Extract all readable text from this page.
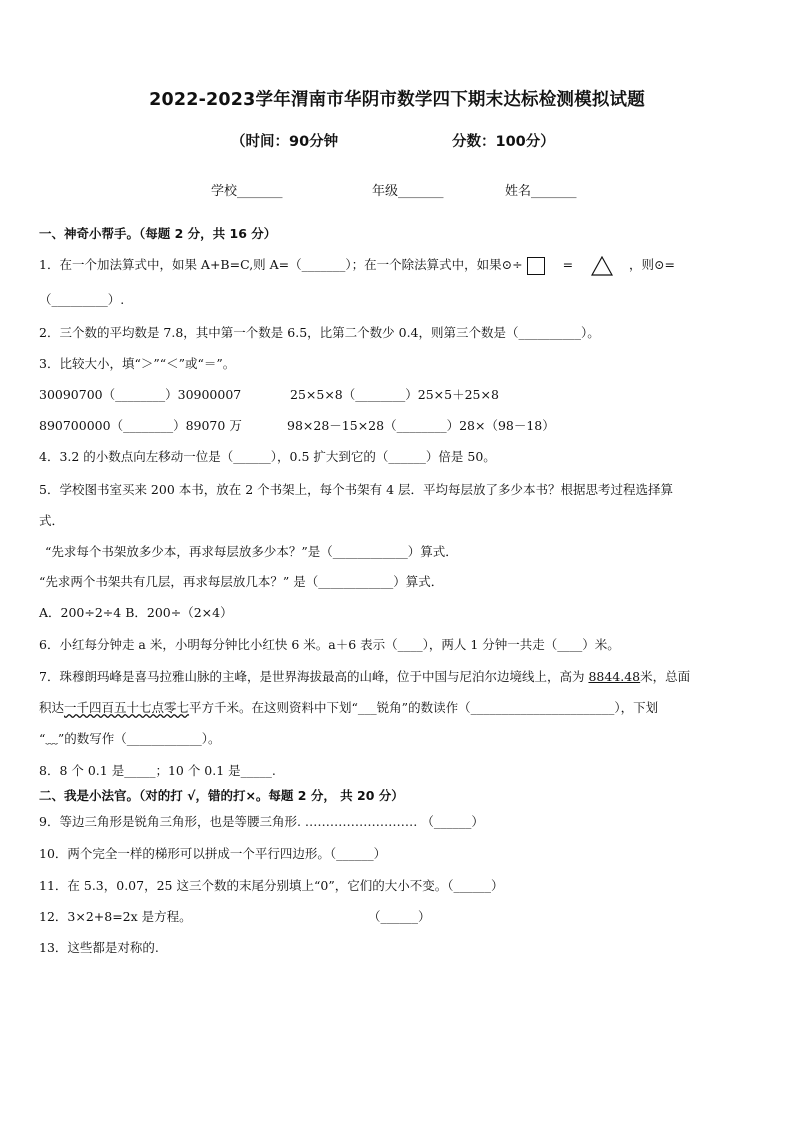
2022-2023学年渭南市华阴市数学四下期末达标检测模拟试题
（时间：90分钟	分数：100分）
学校_______	年级_______	姓名_______
一、神奇小帮手。（每题 2 分，共 16 分）
1．在一个加法算式中，如果 A+B=C,则 A=（_______）；在一个除法算式中，如果⊙÷	=	，则⊙=
（_________）.
2．三个数的平均数是 7.8，其中第一个数是 6.5，比第二个数少 0.4，则第三个数是（__________）。
3．比较大小，填“＞”“＜”或“＝”。
30090700（________）30900007	25×5×8（________）25×5＋25×8
890700000（________）89070 万	98×28－15×28（________）28×（98－18）
4．3.2 的小数点向左移动一位是（______），0.5 扩大到它的（______）倍是 50。
5．学校图书室买来 200 本书，放在 2 个书架上，每个书架有 4 层．平均每层放了多少本书？根据思考过程选择算
式．
“先求每个书架放多少本，再求每层放多少本？”是（____________）算式．
“先求两个书架共有几层，再求每层放几本？” 是（____________）算式．
A．200÷2÷4 B．200÷（2×4）
6．小红每分钟走 a 米，小明每分钟比小红快 6 米。a＋6 表示（____），两人 1 分钟一共走（____）米。
7．珠穆朗玛峰是喜马拉雅山脉的主峰，是世界海拔最高的山峰，位于中国与尼泊尔边境线上，高为 8844.48米，总面
积达一千四百五十七点零七平方千米。在这则资料中下划“___锐角”的数读作（_______________________），下划
“﹏”的数写作（____________）。
8．8 个 0.1 是_____；10 个 0.1 是_____.
二、我是小法官。（对的打 √，错的打×。每题 2 分， 共 20 分）
9．等边三角形是锐角三角形，也是等腰三角形. ……………………… （______）
10．两个完全一样的梯形可以拼成一个平行四边形。（______）
11．在 5.3，0.07，25 这三个数的末尾分别填上“0”，它们的大小不变。（______）
12．3×2+8=2x 是方程。	（______）
13．这些都是对称的.
